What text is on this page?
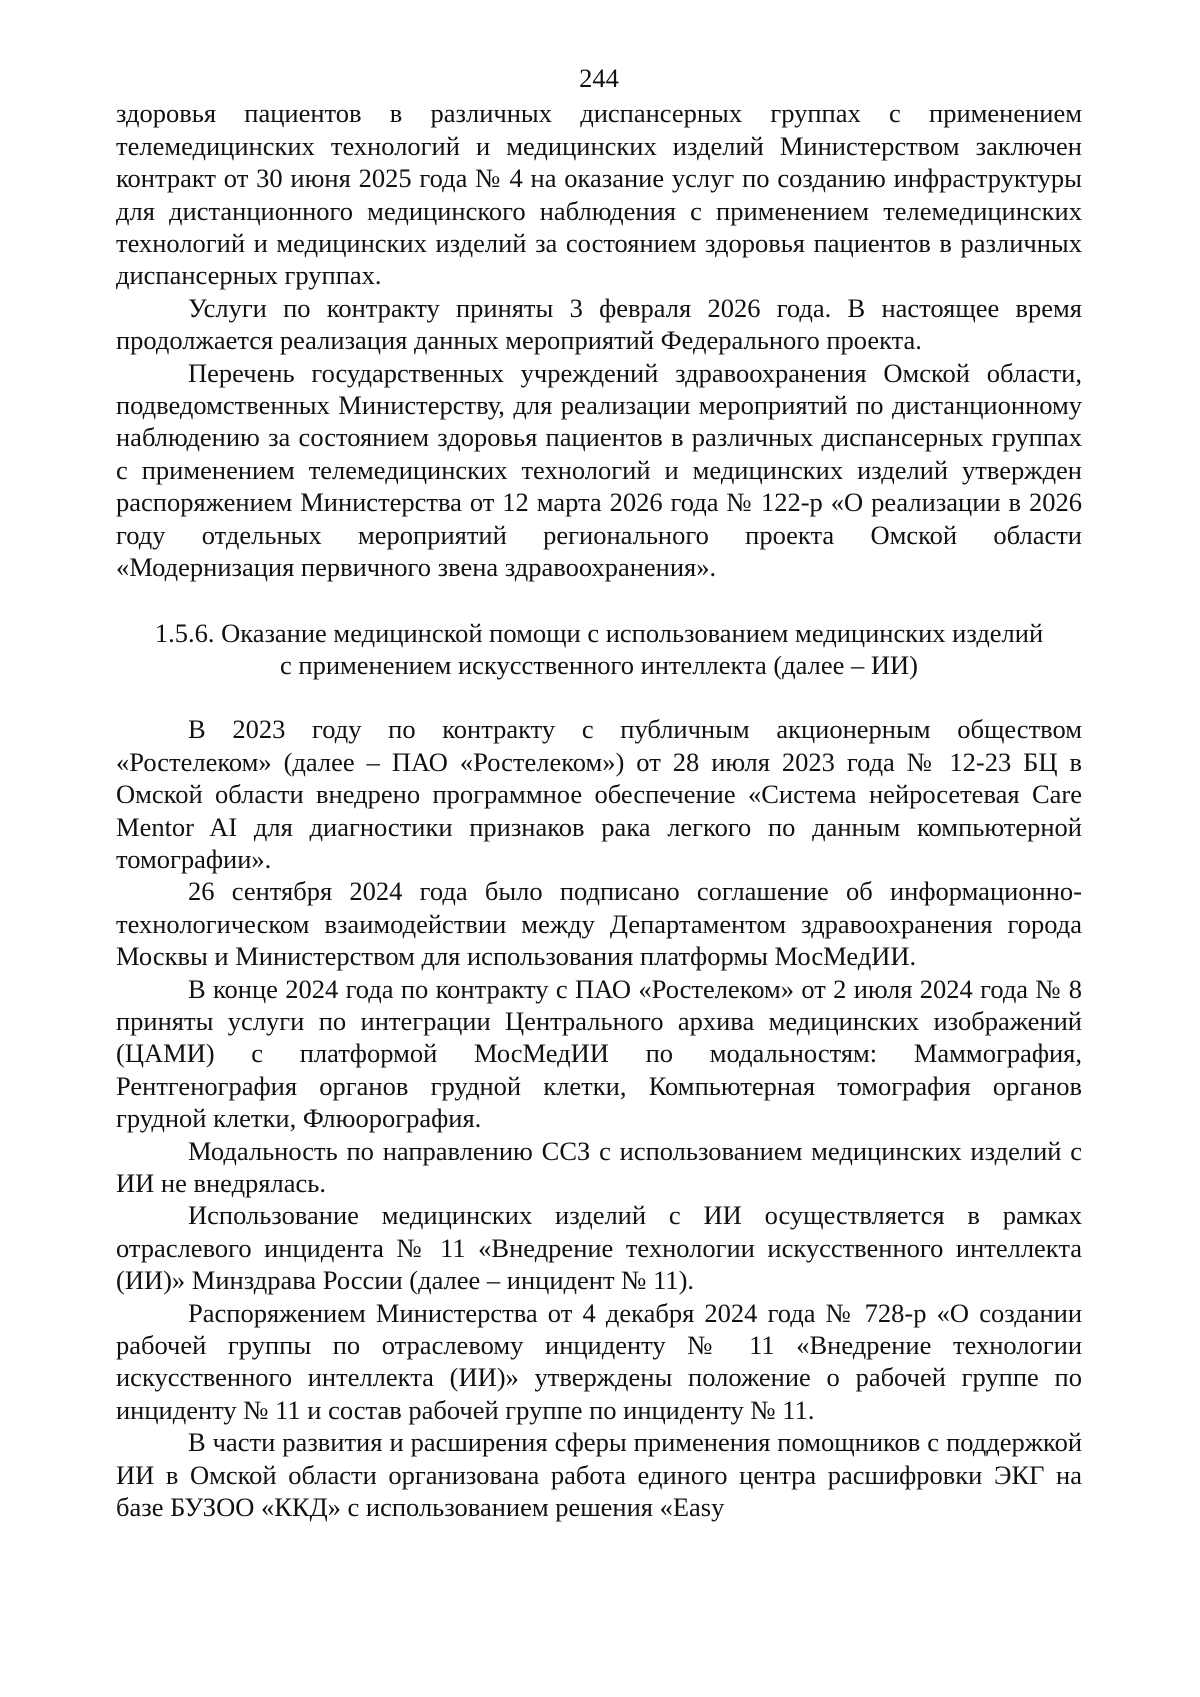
244

здоровья пациентов в различных диспансерных группах с применением телемедицинских технологий и медицинских изделий Министерством заключен контракт от 30 июня 2025 года № 4 на оказание услуг по созданию инфраструктуры для дистанционного медицинского наблюдения с применением телемедицинских технологий и медицинских изделий за состоянием здоровья пациентов в различных диспансерных группах.

Услуги по контракту приняты 3 февраля 2026 года. В настоящее время продолжается реализация данных мероприятий Федерального проекта.

Перечень государственных учреждений здравоохранения Омской области, подведомственных Министерству, для реализации мероприятий по дистанционному наблюдению за состоянием здоровья пациентов в различных диспансерных группах с применением телемедицинских технологий и медицинских изделий утвержден распоряжением Министерства от 12 марта 2026 года № 122-р «О реализации в 2026 году отдельных мероприятий регионального проекта Омской области «Модернизация первичного звена здравоохранения».

1.5.6. Оказание медицинской помощи с использованием медицинских изделий
с применением искусственного интеллекта (далее – ИИ)

В 2023 году по контракту с публичным акционерным обществом «Ростелеком» (далее – ПАО «Ростелеком») от 28 июля 2023 года № 12-23 БЦ в Омской области внедрено программное обеспечение «Система нейросетевая Care Mentor AI для диагностики признаков рака легкого по данным компьютерной томографии».

26 сентября 2024 года было подписано соглашение об информационно-технологическом взаимодействии между Департаментом здравоохранения города Москвы и Министерством для использования платформы МосМедИИ.

В конце 2024 года по контракту с ПАО «Ростелеком» от 2 июля 2024 года № 8 приняты услуги по интеграции Центрального архива медицинских изображений (ЦАМИ) с платформой МосМедИИ по модальностям: Маммография, Рентгенография органов грудной клетки, Компьютерная томография органов грудной клетки, Флюорография.

Модальность по направлению ССЗ с использованием медицинских изделий с ИИ не внедрялась.

Использование медицинских изделий с ИИ осуществляется в рамках отраслевого инцидента № 11 «Внедрение технологии искусственного интеллекта (ИИ)» Минздрава России (далее – инцидент № 11).

Распоряжением Министерства от 4 декабря 2024 года № 728-р «О создании рабочей группы по отраслевому инциденту № 11 «Внедрение технологии искусственного интеллекта (ИИ)» утверждены положение о рабочей группе по инциденту № 11 и состав рабочей группе по инциденту № 11.

В части развития и расширения сферы применения помощников с поддержкой ИИ в Омской области организована работа единого центра расшифровки ЭКГ на базе БУЗОО «ККД» с использованием решения «Easy
